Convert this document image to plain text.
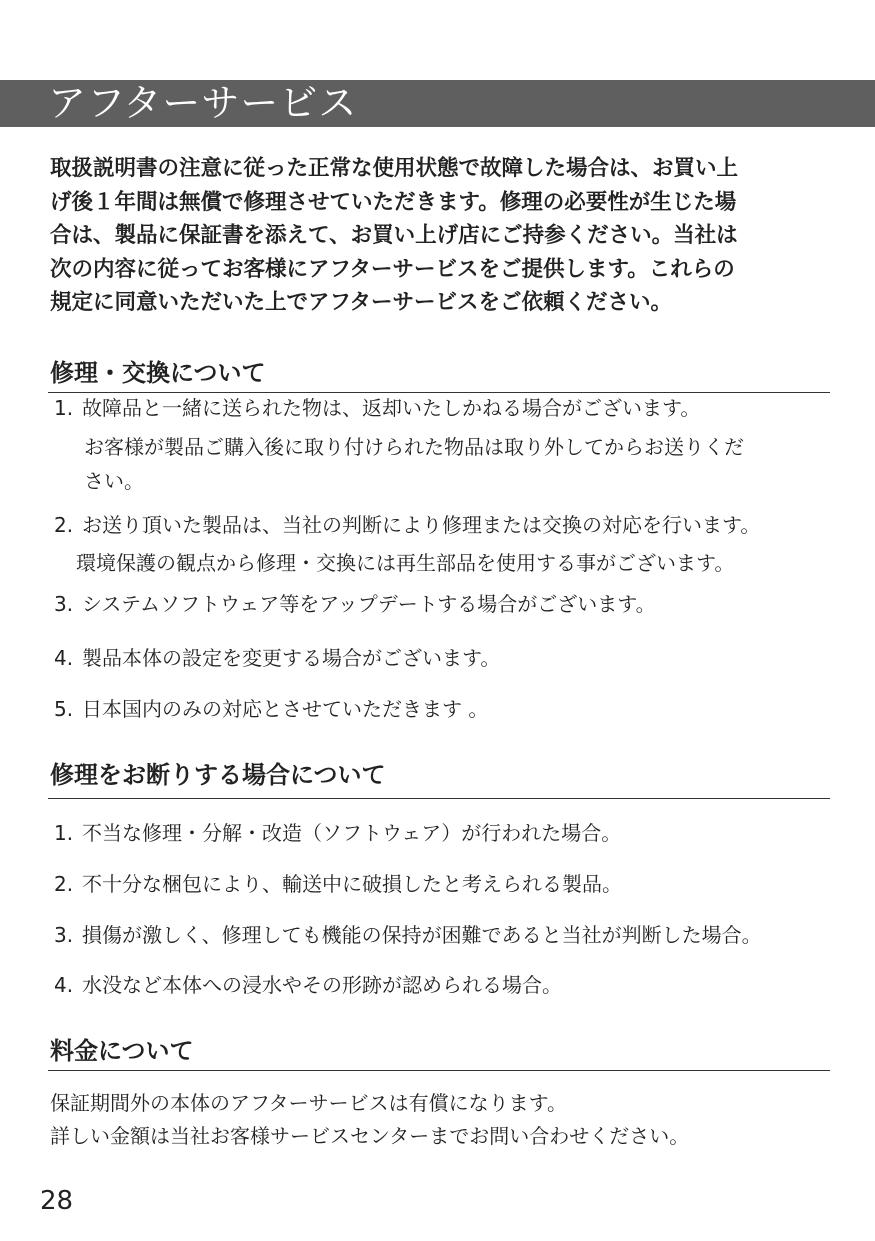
アフターサービス
取扱説明書の注意に従った正常な使用状態で故障した場合は、お買い上
げ後１年間は無償で修理させていただきます。修理の必要性が生じた場
合は、製品に保証書を添えて、お買い上げ店にご持参ください。当社は
次の内容に従ってお客様にアフターサービスをご提供します。これらの
規定に同意いただいた上でアフターサービスをご依頼ください。
修理・交換について
1. 故障品と一緒に送られた物は、返却いたしかねる場合がございます。
お客様が製品ご購入後に取り付けられた物品は取り外してからお送りくだ
さい。
2. お送り頂いた製品は、当社の判断により修理または交換の対応を行います。
環境保護の観点から修理・交換には再生部品を使用する事がございます。
3. システムソフトウェア等をアップデートする場合がございます。
4. 製品本体の設定を変更する場合がございます。
5. 日本国内のみの対応とさせていただきます 。
修理をお断りする場合について
1. 不当な修理・分解・改造（ソフトウェア）が行われた場合。
2. 不十分な梱包により、輸送中に破損したと考えられる製品。
3. 損傷が激しく、修理しても機能の保持が困難であると当社が判断した場合。
4. 水没など本体への浸水やその形跡が認められる場合。
料金について
保証期間外の本体のアフターサービスは有償になります。
詳しい金額は当社お客様サービスセンターまでお問い合わせください。
28
